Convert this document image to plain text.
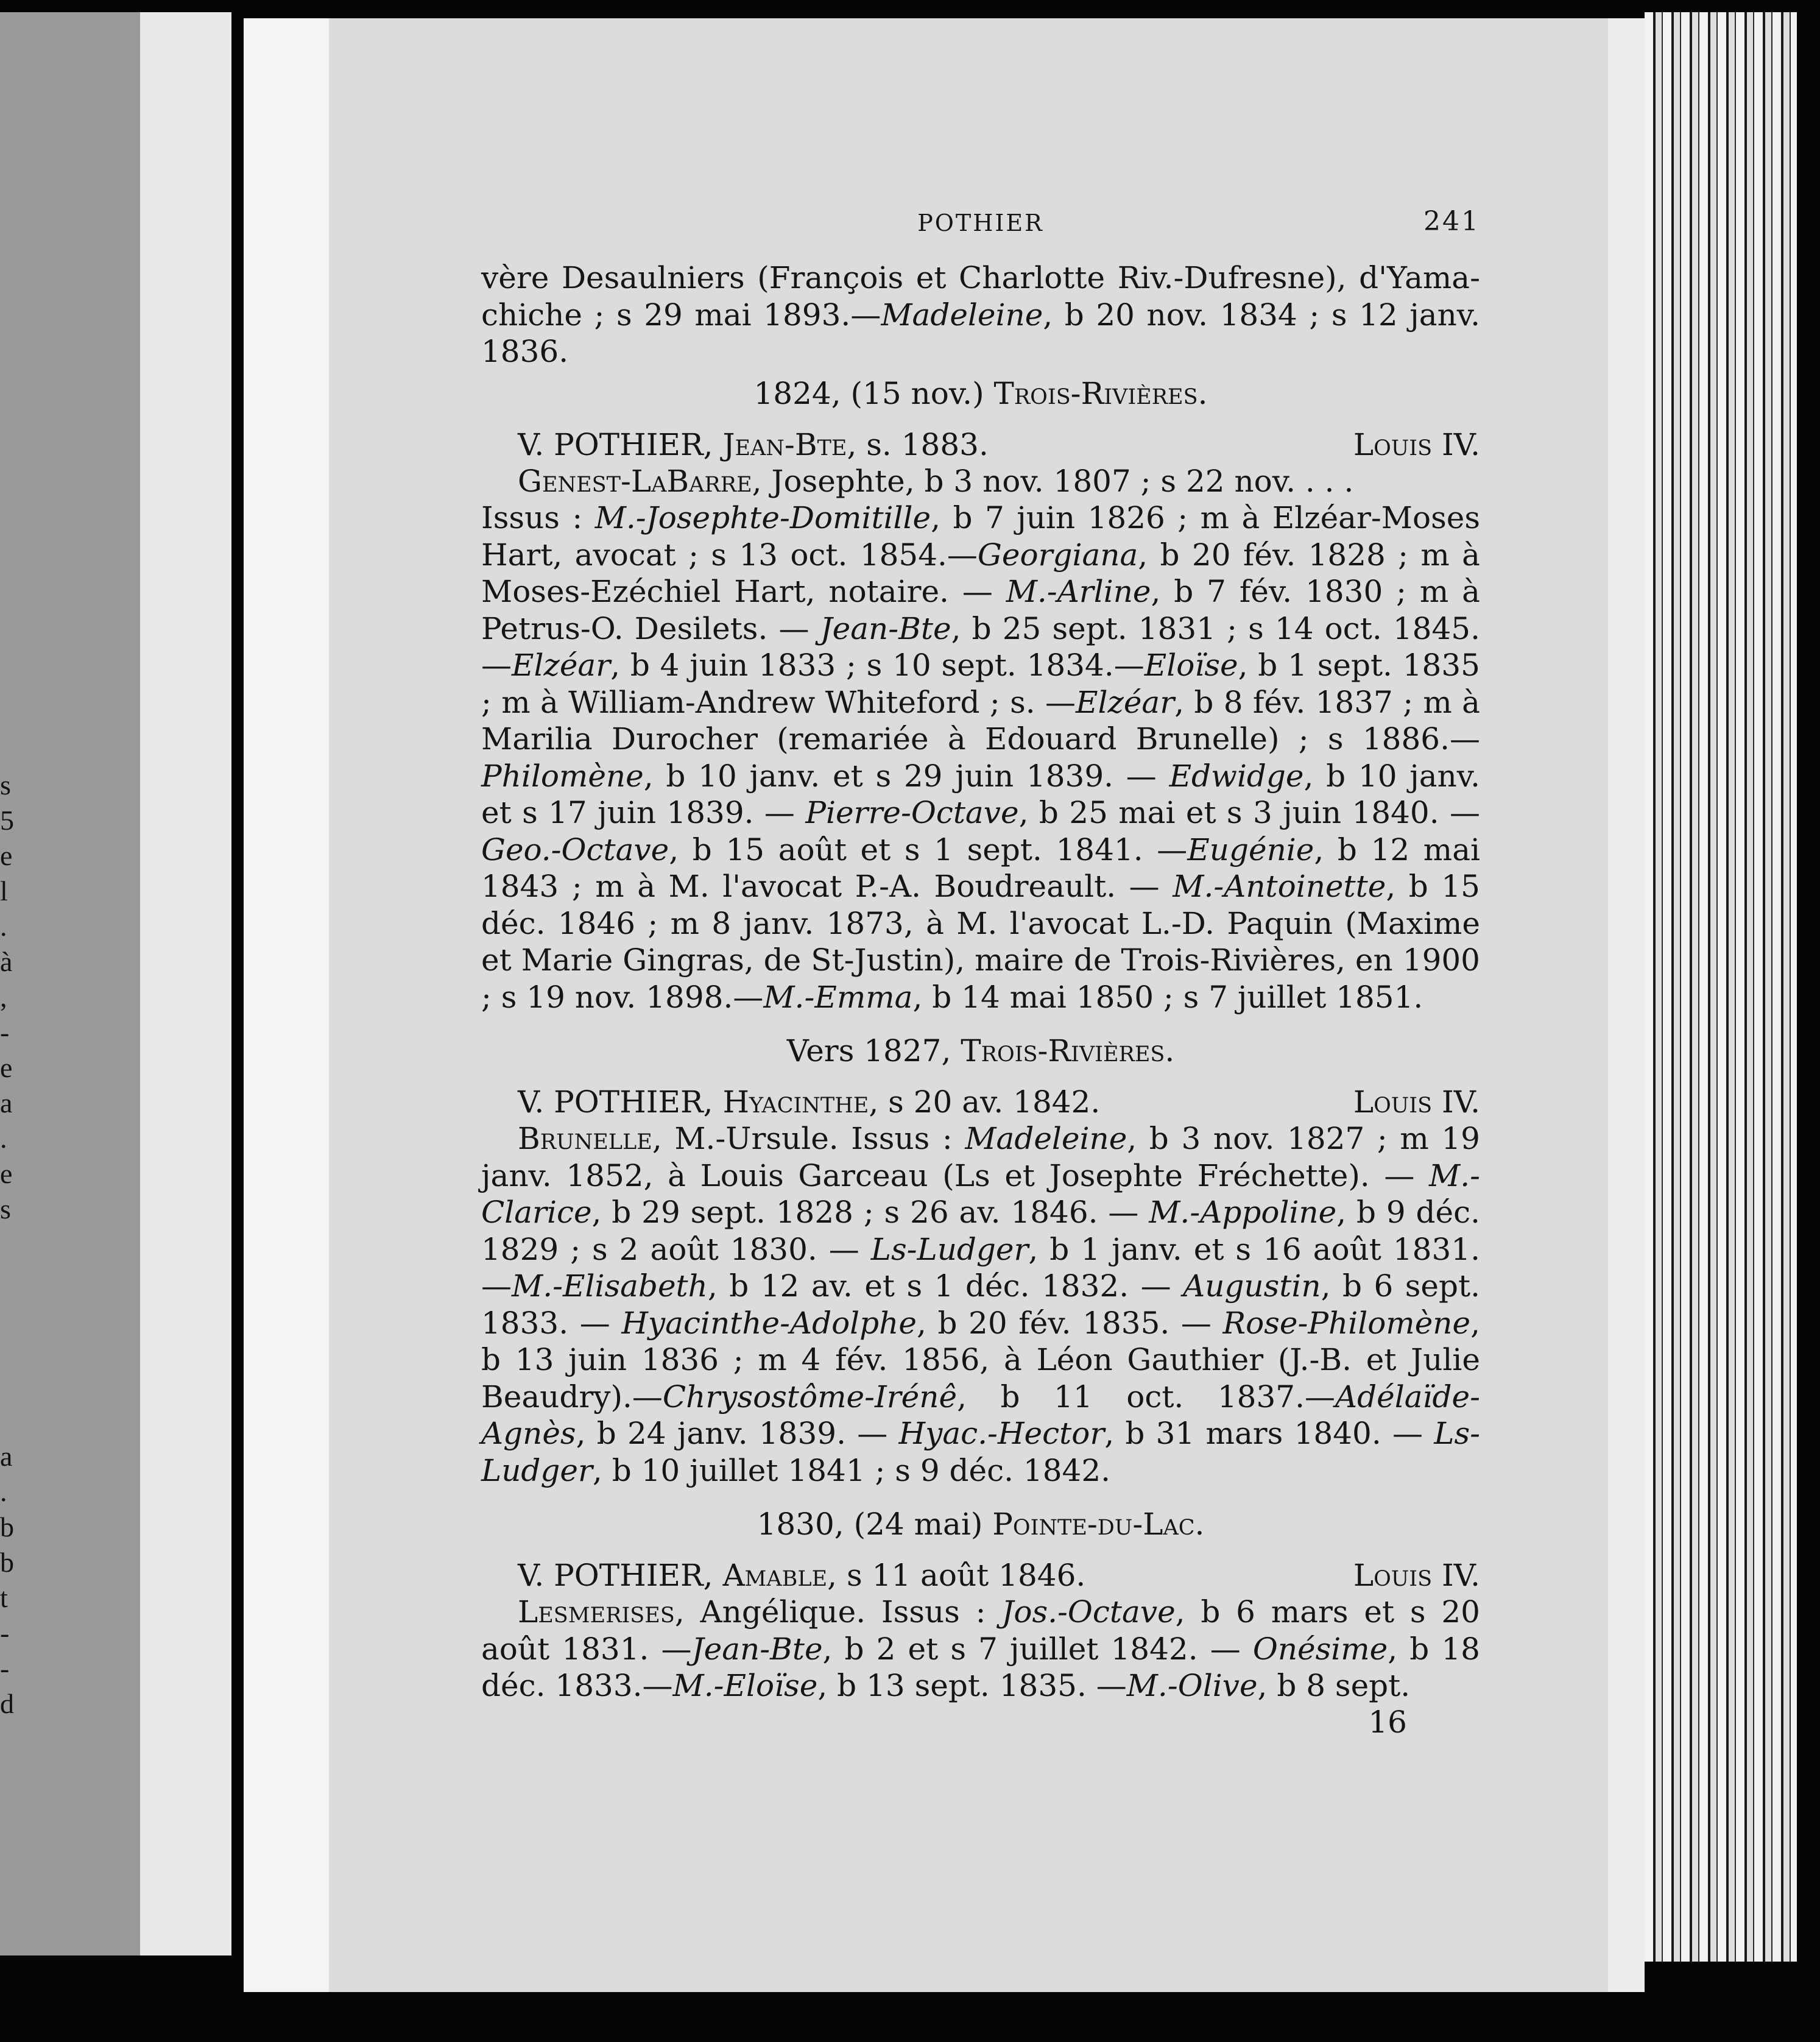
s
5
e
l
.
à
,
-
e
a
.
e
s
a
.
b
b
t
-
-
d
POTHIER	241

vère Desaulniers (François et Charlotte Riv.-Dufresne), d'Yama-chiche ; s 29 mai 1893.—Madeleine, b 20 nov. 1834 ; s 12 janv. 1836.

1824, (15 nov.) Trois-Rivières.
V. POTHIER, Jean-Bte, s. 1883.	Louis IV.

Genest-LaBarre, Josephte, b 3 nov. 1807 ; s 22 nov. . . .

Issus : M.-Josephte-Domitille, b 7 juin 1826 ; m à Elzéar-Moses Hart, avocat ; s 13 oct. 1854.—Georgiana, b 20 fév. 1828 ; m à Moses-Ezéchiel Hart, notaire. — M.-Arline, b 7 fév. 1830 ; m à Petrus-O. Desilets. — Jean-Bte, b 25 sept. 1831 ; s 14 oct. 1845. —Elzéar, b 4 juin 1833 ; s 10 sept. 1834.—Eloïse, b 1 sept. 1835 ; m à William-Andrew Whiteford ; s. —Elzéar, b 8 fév. 1837 ; m à Marilia Durocher (remariée à Edouard Brunelle) ; s 1886.— Philomène, b 10 janv. et s 29 juin 1839. — Edwidge, b 10 janv. et s 17 juin 1839. — Pierre-Octave, b 25 mai et s 3 juin 1840. —Geo.-Octave, b 15 août et s 1 sept. 1841. —Eugénie, b 12 mai 1843 ; m à M. l'avocat P.-A. Boudreault. — M.-Antoinette, b 15 déc. 1846 ; m 8 janv. 1873, à M. l'avocat L.-D. Paquin (Maxime et Marie Gingras, de St-Justin), maire de Trois-Rivières, en 1900 ; s 19 nov. 1898.—M.-Emma, b 14 mai 1850 ; s 7 juillet 1851.

Vers 1827, Trois-Rivières.
V. POTHIER, Hyacinthe, s 20 av. 1842.	Louis IV.

Brunelle, M.-Ursule. Issus : Madeleine, b 3 nov. 1827 ; m 19 janv. 1852, à Louis Garceau (Ls et Josephte Fréchette). — M.-Clarice, b 29 sept. 1828 ; s 26 av. 1846. — M.-Appoline, b 9 déc. 1829 ; s 2 août 1830. — Ls-Ludger, b 1 janv. et s 16 août 1831.—M.-Elisabeth, b 12 av. et s 1 déc. 1832. — Augustin, b 6 sept. 1833. — Hyacinthe-Adolphe, b 20 fév. 1835. — Rose-Philomène, b 13 juin 1836 ; m 4 fév. 1856, à Léon Gauthier (J.-B. et Julie Beaudry).—Chrysostôme-Irénê, b 11 oct. 1837.—Adélaïde-Agnès, b 24 janv. 1839. — Hyac.-Hector, b 31 mars 1840. — Ls-Ludger, b 10 juillet 1841 ; s 9 déc. 1842.

1830, (24 mai) Pointe-du-Lac.
V. POTHIER, Amable, s 11 août 1846.	Louis IV.

Lesmerises, Angélique. Issus : Jos.-Octave, b 6 mars et s 20 août 1831. —Jean-Bte, b 2 et s 7 juillet 1842. — Onésime, b 18 déc. 1833.—M.-Eloïse, b 13 sept. 1835. —M.-Olive, b 8 sept.

16
